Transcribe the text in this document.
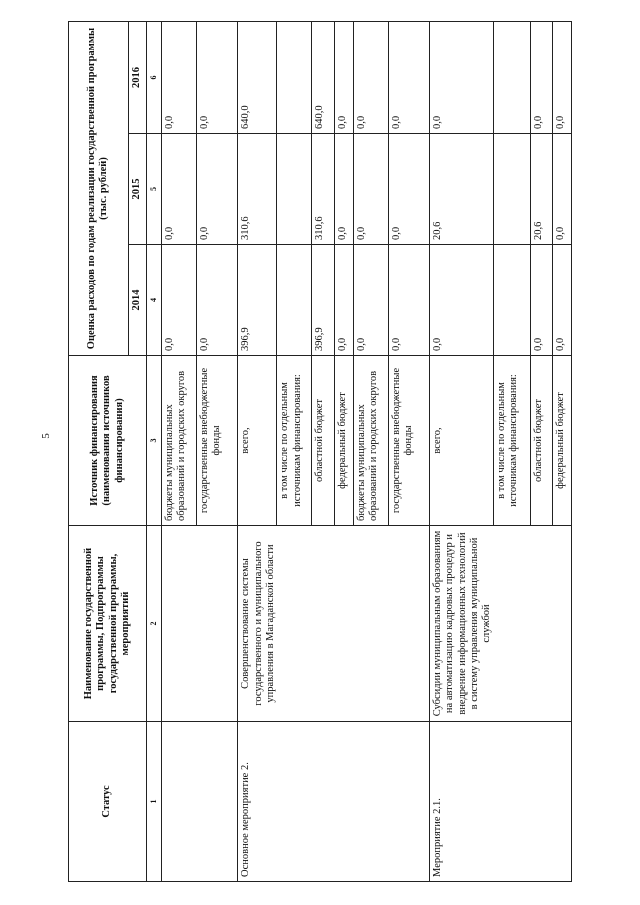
5
Статус	Наименование государственной программы, Подпрограммы государственной программы, мероприятий	Источник финансирования (наименования источников финансирования)	Оценка расходов по годам реализации государственной программы (тыс. рублей)		
			2014	2015	2016
1	2	3	4	5	6
		бюджеты муниципальных образований и городских округов	0,0	0,0	0,0
		государственные внебюджетные фонды	0,0	0,0	0,0
Основное мероприятие 2.	Совершенствование системы государственного и муниципального управления в Магаданской области	всего,	396,9	310,6	640,0
		в том числе по отдельным источникам финансирования:			
		областной бюджет	396,9	310,6	640,0
		федеральный бюджет	0,0	0,0	0,0
		бюджеты муниципальных образований и городских округов	0,0	0,0	0,0
		государственные внебюджетные фонды	0,0	0,0	0,0
Мероприятие 2.1.	Субсидии муниципальным образованиям на автоматизацию кадровых процедур и внедрение информационных технологий в систему управления муниципальной службой	всего,	0,0	20,6	0,0
		в том числе по отдельным источникам финансирования:			
		областной бюджет	0,0	20,6	0,0
		федеральный бюджет	0,0	0,0	0,0
